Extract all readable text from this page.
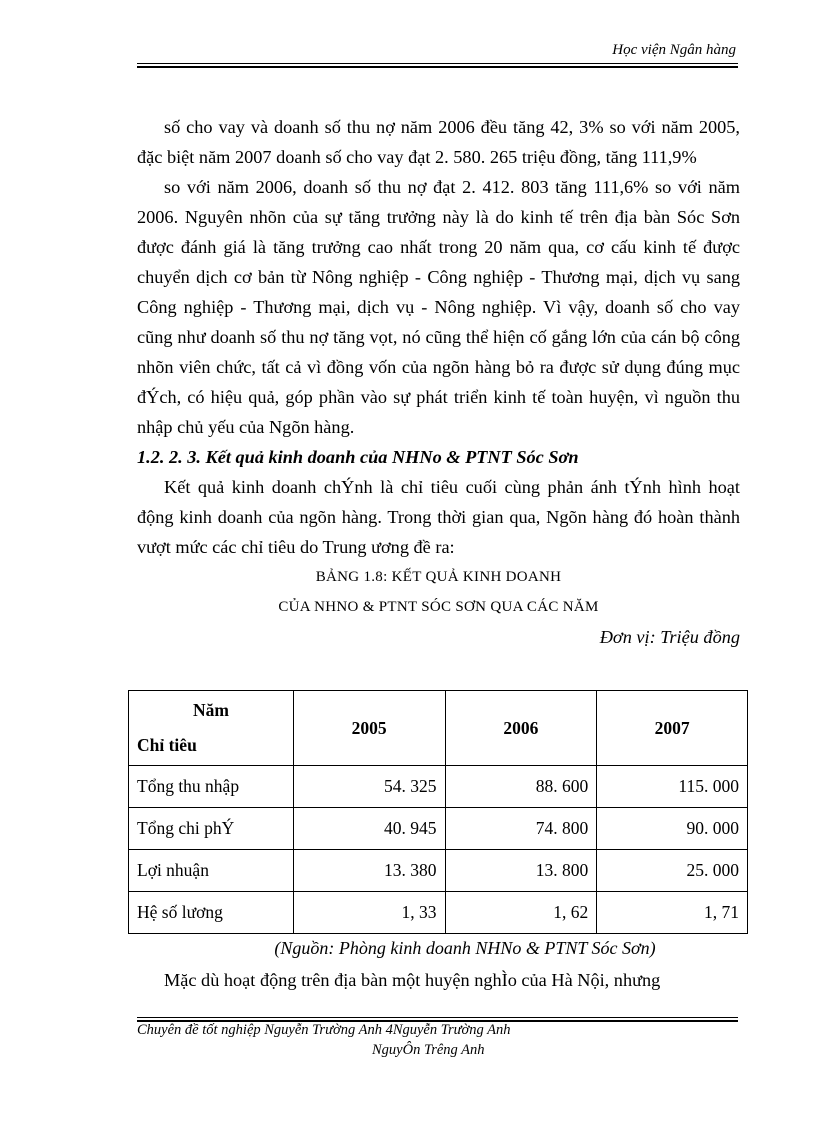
Học viện Ngân hàng

số cho vay và doanh số thu nợ năm 2006 đều tăng 42, 3% so với năm 2005, đặc biệt năm 2007 doanh số cho vay đạt 2. 580. 265 triệu đồng, tăng 111,9%

so với năm 2006, doanh số thu nợ đạt 2. 412. 803 tăng 111,6% so với năm 2006. Nguyên nhõn của sự tăng trưởng này là do kinh tế trên địa bàn Sóc Sơn được đánh giá là tăng trưởng cao nhất trong 20 năm qua, cơ cấu kinh tế được chuyển dịch cơ bản từ Nông nghiệp - Công nghiệp - Thương mại, dịch vụ sang Công nghiệp - Thương mại, dịch vụ - Nông nghiệp. Vì vậy, doanh số cho vay cũng như doanh số thu nợ tăng vọt, nó cũng thể hiện cố gắng lớn của cán bộ công nhõn viên chức, tất cả vì đồng vốn của ngõn hàng bỏ ra được sử dụng đúng mục đÝch, có hiệu quả, góp phần vào sự phát triển kinh tế toàn huyện, vì nguồn thu nhập chủ yếu của Ngõn hàng.

1.2. 2. 3. Kết quả kinh doanh của NHNo & PTNT Sóc Sơn

Kết quả kinh doanh chÝnh là chỉ tiêu cuối cùng phản ánh tÝnh hình hoạt động kinh doanh của ngõn hàng. Trong thời gian qua, Ngõn hàng đó hoàn thành vượt mức các chỉ tiêu do Trung ương đề ra:

BẢNG 1.8: KẾT QUẢ KINH DOANH

CỦA NHNO & PTNT SÓC SƠN QUA CÁC NĂM

Đơn vị: Triệu đồng

Năm
Chỉ tiêu	2005	2006	2007
Tổng thu nhập	54. 325	88. 600	115. 000
Tổng chi phÝ	40. 945	74. 800	90. 000
Lợi nhuận	13. 380	13. 800	25. 000
Hệ số lương	1, 33	1, 62	1, 71
(Nguồn: Phòng kinh doanh NHNo & PTNT Sóc Sơn)
Mặc dù hoạt động trên địa bàn một huyện nghÌo của Hà Nội, nhưng
Chuyên đề tốt nghiệp Nguyễn Trường Anh 4Nguyễn Trường Anh
NguyÔn Trêng Anh
